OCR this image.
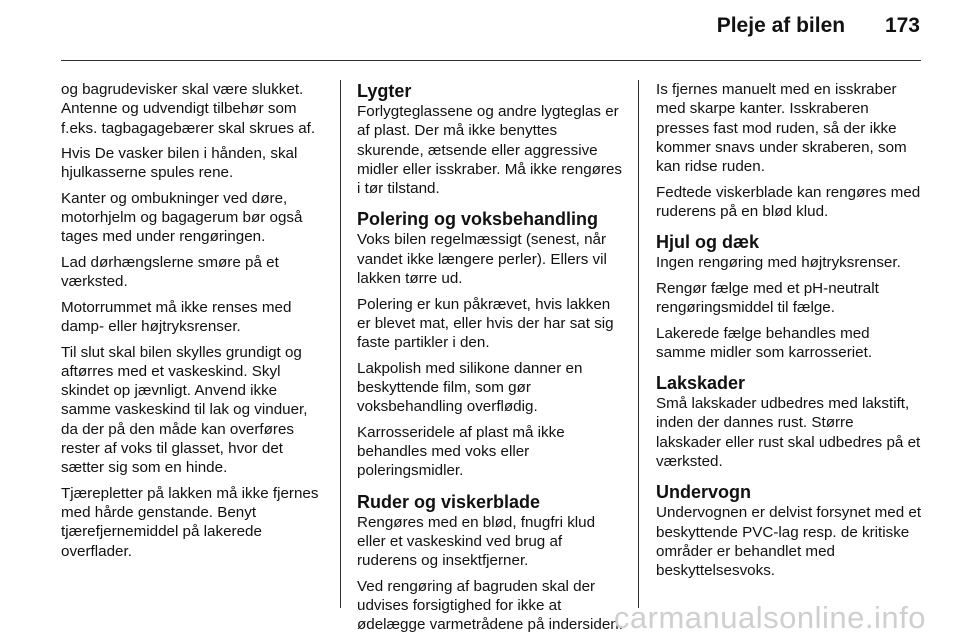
Pleje af bilen 173

og bagrudevisker skal være slukket. Antenne og udvendigt tilbehør som f.eks. tagbagagebærer skal skrues af.

Hvis De vasker bilen i hånden, skal hjulkasserne spules rene.

Kanter og ombukninger ved døre, motorhjelm og bagagerum bør også tages med under rengøringen.

Lad dørhængslerne smøre på et værksted.

Motorrummet må ikke renses med damp- eller højtryksrenser.

Til slut skal bilen skylles grundigt og aftørres med et vaskeskind. Skyl skindet op jævnligt. Anvend ikke samme vaskeskind til lak og vinduer, da der på den måde kan overføres rester af voks til glasset, hvor det sætter sig som en hinde.

Tjærepletter på lakken må ikke fjernes med hårde genstande. Benyt tjærefjernemiddel på lakerede overflader.

Lygter

Forlygteglassene og andre lygteglas er af plast. Der må ikke benyttes skurende, ætsende eller aggressive midler eller isskraber. Må ikke rengøres i tør tilstand.

Polering og voksbehandling

Voks bilen regelmæssigt (senest, når vandet ikke længere perler). Ellers vil lakken tørre ud.

Polering er kun påkrævet, hvis lakken er blevet mat, eller hvis der har sat sig faste partikler i den.

Lakpolish med silikone danner en beskyttende film, som gør voksbehandling overflødig.

Karrosseridele af plast må ikke behandles med voks eller poleringsmidler.

Ruder og viskerblade

Rengøres med en blød, fnugfri klud eller et vaskeskind ved brug af ruderens og insektfjerner.

Ved rengøring af bagruden skal der udvises forsigtighed for ikke at ødelægge varmetrådene på indersiden.

Is fjernes manuelt med en isskraber med skarpe kanter. Isskraberen presses fast mod ruden, så der ikke kommer snavs under skraberen, som kan ridse ruden.

Fedtede viskerblade kan rengøres med ruderens på en blød klud.

Hjul og dæk

Ingen rengøring med højtryksrenser.

Rengør fælge med et pH-neutralt rengøringsmiddel til fælge.

Lakerede fælge behandles med samme midler som karrosseriet.

Lakskader

Små lakskader udbedres med lakstift, inden der dannes rust. Større lakskader eller rust skal udbedres på et værksted.

Undervogn

Undervognen er delvist forsynet med et beskyttende PVC-lag resp. de kritiske områder er behandlet med beskyttelsesvoks.

carmanualsonline.info
